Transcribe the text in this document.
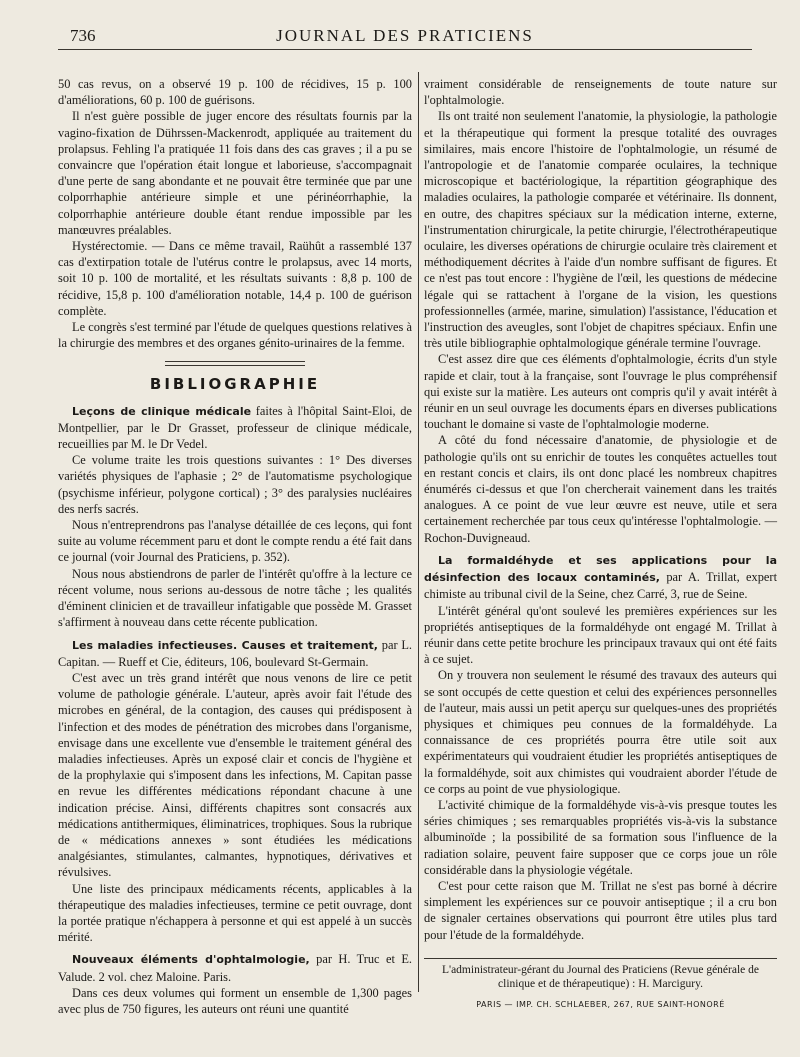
736	JOURNAL DES PRATICIENS

50 cas revus, on a observé 19 p. 100 de récidives, 15 p. 100 d'améliorations, 60 p. 100 de guérisons.

Il n'est guère possible de juger encore des résultats fournis par la vagino-fixation de Dührssen-Mackenrodt, appliquée au traitement du prolapsus. Fehling l'a pratiquée 11 fois dans des cas graves ; il a pu se convaincre que l'opération était longue et laborieuse, s'accompagnait d'une perte de sang abondante et ne pouvait être terminée que par une colporrhaphie antérieure simple et une périnéorrhaphie, la colporrhaphie antérieure double étant rendue impossible par les manœuvres préalables.

Hystérectomie. — Dans ce même travail, Raühût a rassemblé 137 cas d'extirpation totale de l'utérus contre le prolapsus, avec 14 morts, soit 10 p. 100 de mortalité, et les résultats suivants : 8,8 p. 100 de récidive, 15,8 p. 100 d'amélioration notable, 14,4 p. 100 de guérison complète.

Le congrès s'est terminé par l'étude de quelques questions relatives à la chirurgie des membres et des organes génito-urinaires de la femme.

BIBLIOGRAPHIE

Leçons de clinique médicale faites à l'hôpital Saint-Eloi, de Montpellier, par le Dr Grasset, professeur de clinique médicale, recueillies par M. le Dr Vedel.

Ce volume traite les trois questions suivantes : 1° Des diverses variétés physiques de l'aphasie ; 2° de l'automatisme psychologique (psychisme inférieur, polygone cortical) ; 3° des paralysies nucléaires des nerfs sacrés.

Nous n'entreprendrons pas l'analyse détaillée de ces leçons, qui font suite au volume récemment paru et dont le compte rendu a été fait dans ce journal (voir Journal des Praticiens, p. 352).

Nous nous abstiendrons de parler de l'intérêt qu'offre à la lecture ce récent volume, nous serions au-dessous de notre tâche ; les qualités d'éminent clinicien et de travailleur infatigable que possède M. Grasset s'affirment à nouveau dans cette récente publication.

Les maladies infectieuses. Causes et traitement, par L. Capitan. — Rueff et Cie, éditeurs, 106, boulevard St-Germain.

C'est avec un très grand intérêt que nous venons de lire ce petit volume de pathologie générale. L'auteur, après avoir fait l'étude des microbes en général, de la contagion, des causes qui prédisposent à l'infection et des modes de pénétration des microbes dans l'organisme, envisage dans une excellente vue d'ensemble le traitement général des maladies infectieuses. Après un exposé clair et concis de l'hygiène et de la prophylaxie qui s'imposent dans les infections, M. Capitan passe en revue les différentes médications répondant chacune à une indication précise. Ainsi, différents chapitres sont consacrés aux médications antithermiques, éliminatrices, trophiques. Sous la rubrique de « médications annexes » sont étudiées les médications analgésiantes, stimulantes, calmantes, hypnotiques, dérivatives et révulsives.

Une liste des principaux médicaments récents, applicables à la thérapeutique des maladies infectieuses, termine ce petit ouvrage, dont la portée pratique n'échappera à personne et qui est appelé à un succès mérité.

Nouveaux éléments d'ophtalmologie, par H. Truc et E. Valude. 2 vol. chez Maloine. Paris.

Dans ces deux volumes qui forment un ensemble de 1,300 pages avec plus de 750 figures, les auteurs ont réuni une quantité

vraiment considérable de renseignements de toute nature sur l'ophtalmologie.

Ils ont traité non seulement l'anatomie, la physiologie, la pathologie et la thérapeutique qui forment la presque totalité des ouvrages similaires, mais encore l'histoire de l'ophtalmologie, un résumé de l'antropologie et de l'anatomie comparée oculaires, la technique microscopique et bactériologique, la répartition géographique des maladies oculaires, la pathologie comparée et vétérinaire. Ils donnent, en outre, des chapitres spéciaux sur la médication interne, externe, l'instrumentation chirurgicale, la petite chirurgie, l'électrothérapeutique oculaire, les diverses opérations de chirurgie oculaire très clairement et méthodiquement décrites à l'aide d'un nombre suffisant de figures. Et ce n'est pas tout encore : l'hygiène de l'œil, les questions de médecine légale qui se rattachent à l'organe de la vision, les questions professionnelles (armée, marine, simulation) l'assistance, l'éducation et l'instruction des aveugles, sont l'objet de chapitres spéciaux. Enfin une très utile bibliographie ophtalmologique générale termine l'ouvrage.

C'est assez dire que ces éléments d'ophtalmologie, écrits d'un style rapide et clair, tout à la française, sont l'ouvrage le plus compréhensif qui existe sur la matière. Les auteurs ont compris qu'il y avait intérêt à réunir en un seul ouvrage les documents épars en diverses publications touchant le domaine si vaste de l'ophtalmologie moderne.

A côté du fond nécessaire d'anatomie, de physiologie et de pathologie qu'ils ont su enrichir de toutes les conquêtes actuelles tout en restant concis et clairs, ils ont donc placé les nombreux chapitres énumérés ci-dessus et que l'on chercherait vainement dans les traités analogues. A ce point de vue leur œuvre est neuve, utile et sera certainement recherchée par tous ceux qu'intéresse l'ophtalmologie. — Rochon-Duvigneaud.

La formaldéhyde et ses applications pour la désinfection des locaux contaminés, par A. Trillat, expert chimiste au tribunal civil de la Seine, chez Carré, 3, rue de Seine.

L'intérêt général qu'ont soulevé les premières expériences sur les propriétés antiseptiques de la formaldéhyde ont engagé M. Trillat à réunir dans cette petite brochure les principaux travaux qui ont été faits à ce sujet.

On y trouvera non seulement le résumé des travaux des auteurs qui se sont occupés de cette question et celui des expériences personnelles de l'auteur, mais aussi un petit aperçu sur quelques-unes des propriétés physiques et chimiques peu connues de la formaldéhyde. La connaissance de ces propriétés pourra être utile soit aux expérimentateurs qui voudraient étudier les propriétés antiseptiques de la formaldéhyde, soit aux chimistes qui voudraient aborder l'étude de ce corps au point de vue physiologique.

L'activité chimique de la formaldéhyde vis-à-vis presque toutes les séries chimiques ; ses remarquables propriétés vis-à-vis la substance albuminoïde ; la possibilité de sa formation sous l'influence de la radiation solaire, peuvent faire supposer que ce corps joue un rôle considérable dans la physiologie végétale.

C'est pour cette raison que M. Trillat ne s'est pas borné à décrire simplement les expériences sur ce pouvoir antiseptique ; il a cru bon de signaler certaines observations qui pourront être utiles plus tard pour l'étude de la formaldéhyde.

L'administrateur-gérant du Journal des Praticiens (Revue générale de clinique et de thérapeutique) : H. Marcigury.
PARIS — IMP. CH. SCHLAEBER, 267, RUE SAINT-HONORÉ
